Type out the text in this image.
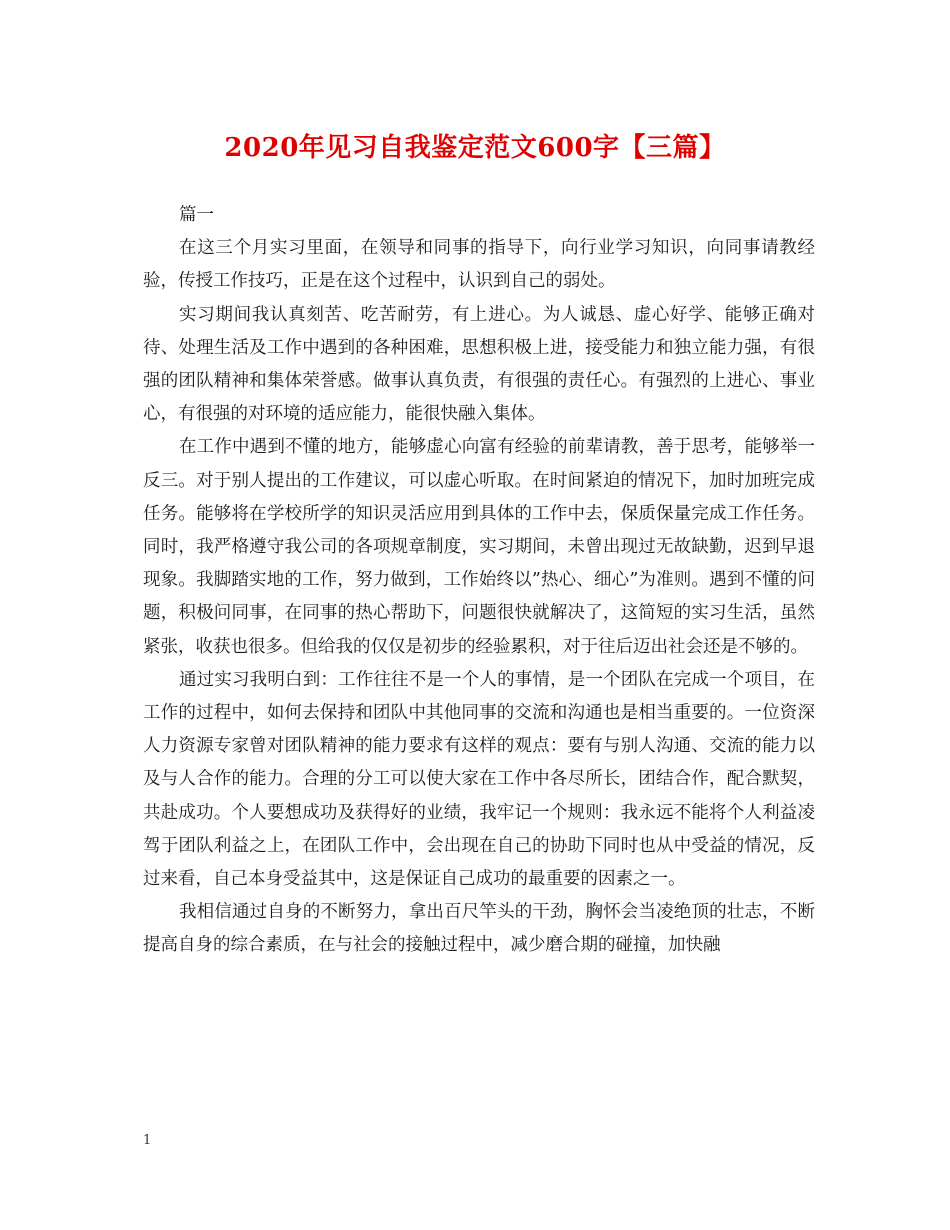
2020年见习自我鉴定范文600字【三篇】

篇一

在这三个月实习里面，在领导和同事的指导下，向行业学习知识，向同事请教经验，传授工作技巧，正是在这个过程中，认识到自己的弱处。

实习期间我认真刻苦、吃苦耐劳，有上进心。为人诚恳、虚心好学、能够正确对待、处理生活及工作中遇到的各种困难，思想积极上进，接受能力和独立能力强，有很强的团队精神和集体荣誉感。做事认真负责，有很强的责任心。有强烈的上进心、事业心，有很强的对环境的适应能力，能很快融入集体。

在工作中遇到不懂的地方，能够虚心向富有经验的前辈请教，善于思考，能够举一反三。对于别人提出的工作建议，可以虚心听取。在时间紧迫的情况下，加时加班完成任务。能够将在学校所学的知识灵活应用到具体的工作中去，保质保量完成工作任务。同时，我严格遵守我公司的各项规章制度，实习期间，未曾出现过无故缺勤，迟到早退现象。我脚踏实地的工作，努力做到，工作始终以”热心、细心”为准则。遇到不懂的问题，积极问同事，在同事的热心帮助下，问题很快就解决了，这简短的实习生活，虽然紧张，收获也很多。但给我的仅仅是初步的经验累积，对于往后迈出社会还是不够的。

通过实习我明白到：工作往往不是一个人的事情，是一个团队在完成一个项目，在工作的过程中，如何去保持和团队中其他同事的交流和沟通也是相当重要的。一位资深人力资源专家曾对团队精神的能力要求有这样的观点：要有与别人沟通、交流的能力以及与人合作的能力。合理的分工可以使大家在工作中各尽所长，团结合作，配合默契，共赴成功。个人要想成功及获得好的业绩，我牢记一个规则：我永远不能将个人利益凌驾于团队利益之上，在团队工作中，会出现在自己的协助下同时也从中受益的情况，反过来看，自己本身受益其中，这是保证自己成功的最重要的因素之一。

我相信通过自身的不断努力，拿出百尺竿头的干劲，胸怀会当凌绝顶的壮志，不断提高自身的综合素质，在与社会的接触过程中，减少磨合期的碰撞，加快融

1
